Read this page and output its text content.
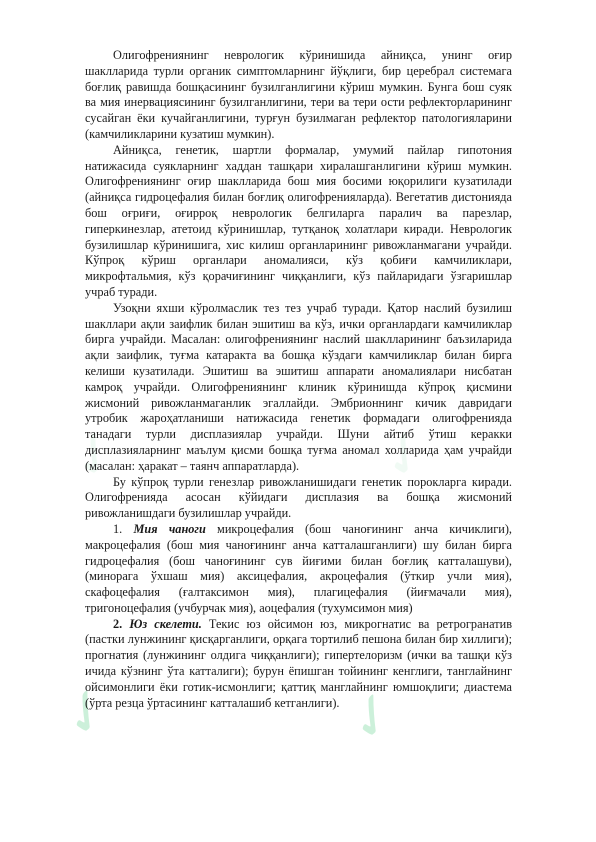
✓	✓
✓	✓

Олигофрениянинг неврологик кўринишида айниқса, унинг оғир шаклларида турли органик симптомларнинг йўқлиги, бир церебрал системага боғлиқ равишда бошқасининг бузилганлигини кўриш мумкин. Бунга бош суяк ва мия инервациясининг бузилганлигини, тери ва тери ости рефлекторларининг сусайган ёки кучайганлигини, турғун бузилмаган рефлектор патологияларини (камчиликларини кузатиш мумкин).

Айниқса, генетик, шартли формалар, умумий пайлар гипотония натижасида суякларнинг хаддан ташқари хиралашганлигини кўриш мумкин. Олигофрениянинг оғир шаклларида бош мия босими юқорилиги кузатилади (айниқса гидроцефалия билан боғлиқ олигофренияларда). Вегетатив дистонияда бош оғриғи, оғирроқ неврологик белгиларга паралич ва парезлар, гиперкинезлар, атетоид кўринишлар, тутқаноқ холатлари киради. Неврологик бузилишлар кўринишига, хис килиш органларининг ривожланмагани учрайди. Кўпроқ кўриш органлари аномалияси, кўз қобиғи камчиликлари, микрофтальмия, кўз қорачиғининг чиққанлиги, кўз пайларидаги ўзгаришлар учраб туради.

Узоқни яхши кўролмаслик тез тез учраб туради. Қатор наслий бузилиш шакллари ақли заифлик билан эшитиш ва кўз, ички органлардаги камчиликлар бирга учрайди. Масалан: олигофрениянинг наслий шаклларининг баъзиларида ақли заифлик, туғма катаракта ва бошқа кўздаги камчиликлар билан бирга келиши кузатилади. Эшитиш ва эшитиш аппарати аномалиялари нисбатан камроқ учрайди. Олигофрениянинг клиник кўринишда кўпроқ қисмини жисмоний ривожланмаганлик эгаллайди. Эмбрионнинг кичик давридаги утробик жароҳатланиши натижасида генетик формадаги олигофренияда танадаги турли дисплазиялар учрайди. Шуни айтиб ўтиш керакки дисплазияларнинг маълум қисми бошқа туғма аномал холларида ҳам учрайди (масалан: ҳаракат – таянч аппаратларда).

Бу кўпроқ турли генезлар ривожланишидаги генетик порокларга киради. Олигофренияда асосан кўйидаги дисплазия ва бошқа жисмоний ривожланишдаги бузилишлар учрайди.

1. Мия чаноги микроцефалия (бош чаноғининг анча кичиклиги), макроцефалия (бош мия чаноғининг анча катталашганлиги) шу билан бирга гидроцефалия (бош чаноғининг сув йиғими билан боғлиқ катталашуви), (минорага ўхшаш мия) аксицефалия, акроцефалия (ўткир учли мия), скафоцефалия (ғалтаксимон мия), плагицефалия (йиғмачали мия), тригоноцефалия (учбурчак мия), аоцефалия (тухумсимон мия)

2. Юз скелети. Текис юз ойсимон юз, микрогнатис ва ретрогранатив (пастки лунжининг қисқарганлиги, орқага тортилиб пешона билан бир хиллиги); прогнатия (лунжининг олдига чиққанлиги); гипертелоризм (ички ва ташқи кўз ичида кўзнинг ўта катталиги); бурун ёпишган тойининг кенглиги, танглайнинг ойсимонлиги ёки готик-исмонлиги; қаттиқ манглайнинг юмшоқлиги; диастема (ўрта резца ўртасининг катталашиб кетганлиги).
